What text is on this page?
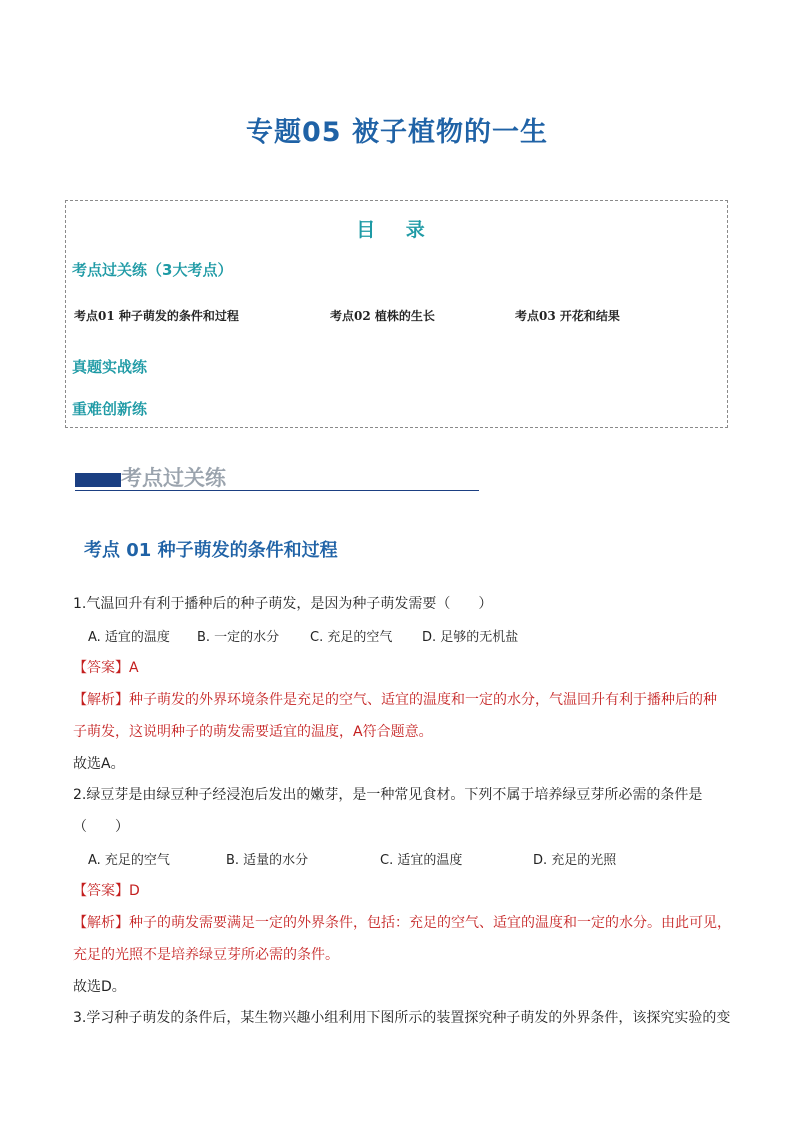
专题05 被子植物的一生
目 录
考点过关练（3大考点）
考点01 种子萌发的条件和过程	考点02 植株的生长	考点03 开花和结果
真题实战练
重难创新练
考点过关练
考点 01 种子萌发的条件和过程
1.气温回升有利于播种后的种子萌发，是因为种子萌发需要（　　）
A. 适宜的温度 B. 一定的水分 C. 充足的空气 D. 足够的无机盐
【答案】A
【解析】种子萌发的外界环境条件是充足的空气、适宜的温度和一定的水分，气温回升有利于播种后的种
子萌发，这说明种子的萌发需要适宜的温度，A符合题意。
故选A。
2.绿豆芽是由绿豆种子经浸泡后发出的嫩芽，是一种常见食材。下列不属于培养绿豆芽所必需的条件是
（　　）
A. 充足的空气	B. 适量的水分	C. 适宜的温度	D. 充足的光照
【答案】D
【解析】种子的萌发需要满足一定的外界条件，包括：充足的空气、适宜的温度和一定的水分。由此可见，
充足的光照不是培养绿豆芽所必需的条件。
故选D。
3.学习种子萌发的条件后，某生物兴趣小组利用下图所示的装置探究种子萌发的外界条件，该探究实验的变
